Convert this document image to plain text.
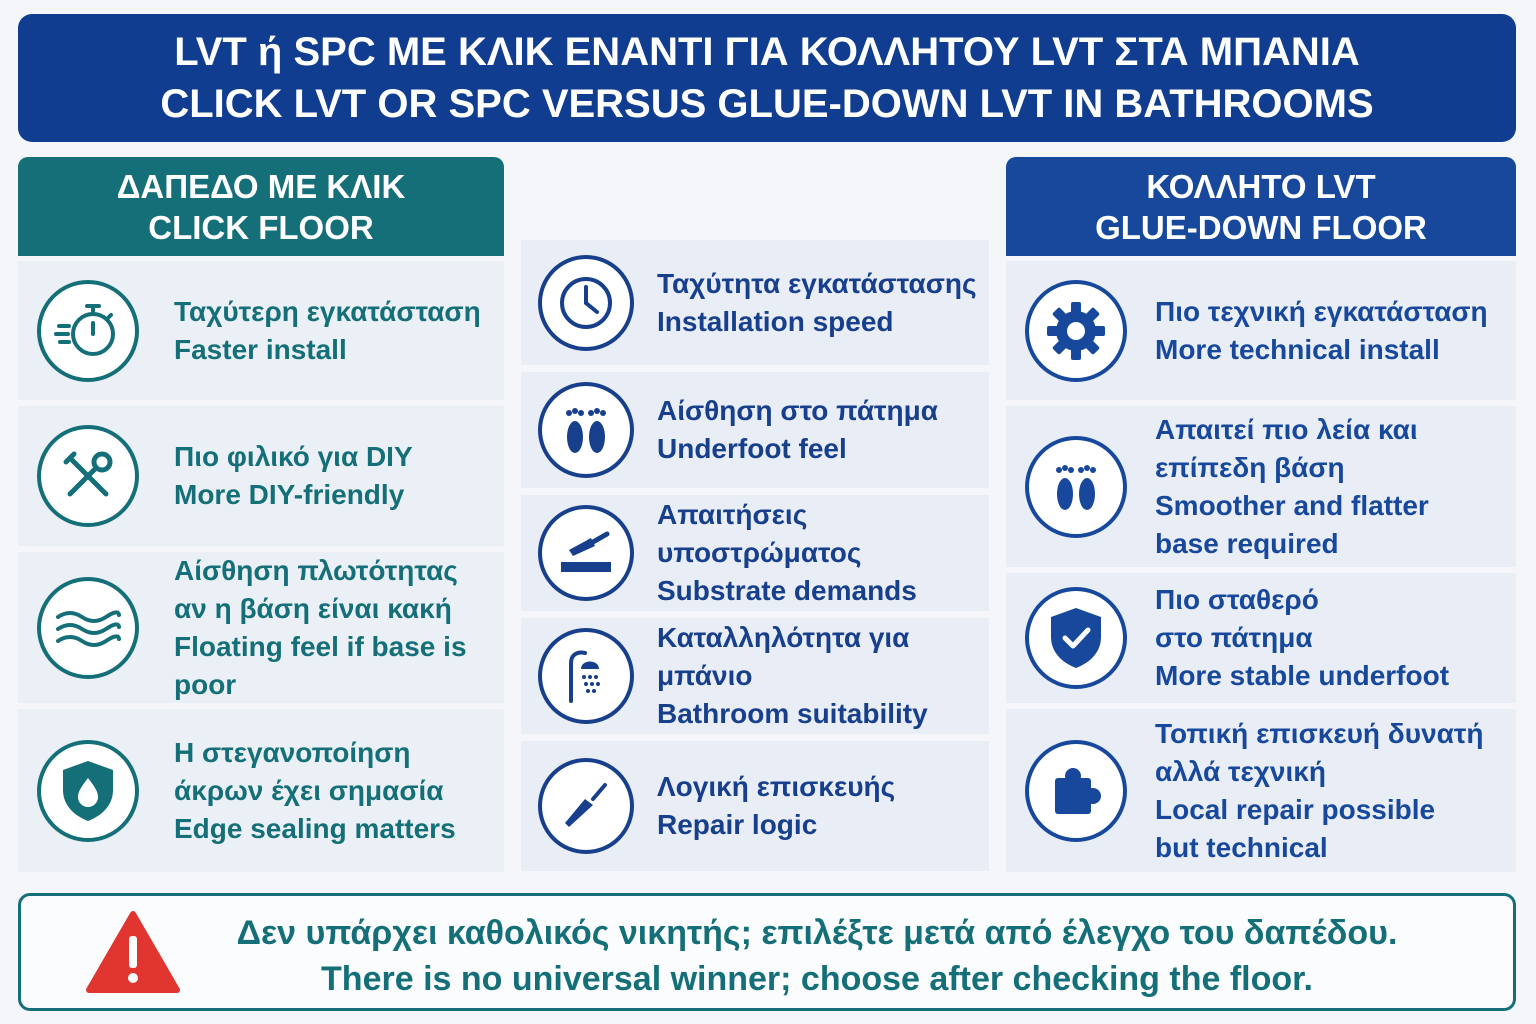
LVT ή SPC ΜΕ ΚΛΙΚ ΕΝΑΝΤΙ ΓΙΑ ΚΟΛΛΗΤΟΥ LVT ΣΤΑ ΜΠΑΝΙΑ
CLICK LVT OR SPC VERSUS GLUE-DOWN LVT IN BATHROOMS
ΔΑΠΕΔΟ ΜΕ ΚΛΙΚ
CLICK FLOOR
ΚΟΛΛΗΤΟ LVT
GLUE-DOWN FLOOR
Ταχύτερη εγκατάσταση
Faster install
Πιο φιλικό για DIY
More DIY-friendly
Αίσθηση πλωτότητας
αν η βάση είναι κακή
Floating feel if base is poor
Η στεγανοποίηση
άκρων έχει σημασία
Edge sealing matters
Ταχύτητα εγκατάστασης
Installation speed
Αίσθηση στο πάτημα
Underfoot feel
Απαιτήσεις υποστρώματος
Substrate demands
Καταλληλότητα για μπάνιο
Bathroom suitability
Λογική επισκευής
Repair logic
Πιο τεχνική εγκατάσταση
More technical install
Απαιτεί πιο λεία και
επίπεδη βάση
Smoother and flatter
base required
Πιο σταθερό
στο πάτημα
More stable underfoot
Τοπική επισκευή δυνατή
αλλά τεχνική
Local repair possible
but technical
Δεν υπάρχει καθολικός νικητής; επιλέξτε μετά από έλεγχο του δαπέδου.
There is no universal winner; choose after checking the floor.
